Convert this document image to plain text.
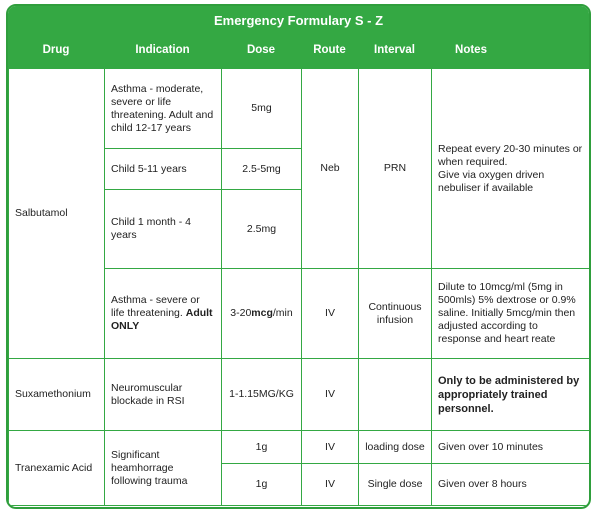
Emergency Formulary S - Z
Drug	Indication	Dose	Route	Interval	Notes
Salbutamol	Asthma - moderate, severe or life threatening. Adult and child 12-17 years	5mg	Neb	PRN	Repeat every 20-30 minutes or when required.
Give via oxygen driven nebuliser if available

	Child 5-11 years	2.5-5mg			
	Child 1 month - 4 years	2.5mg			
	Asthma - severe or life threatening. Adult ONLY	3-20mcg/min	IV	Continuous infusion	Dilute to 10mcg/ml (5mg in 500mls) 5% dextrose or 0.9% saline. Initially 5mcg/min then adjusted according to response and heart reate
Suxamethonium	Neuromuscular blockade in RSI	1-1.15MG/KG	IV		Only to be administered by appropriately trained personnel.
Tranexamic Acid	Significant heamhorrage following trauma	1g	IV	loading dose	Given over 10 minutes
		1g	IV	Single dose	Given over 8 hours
